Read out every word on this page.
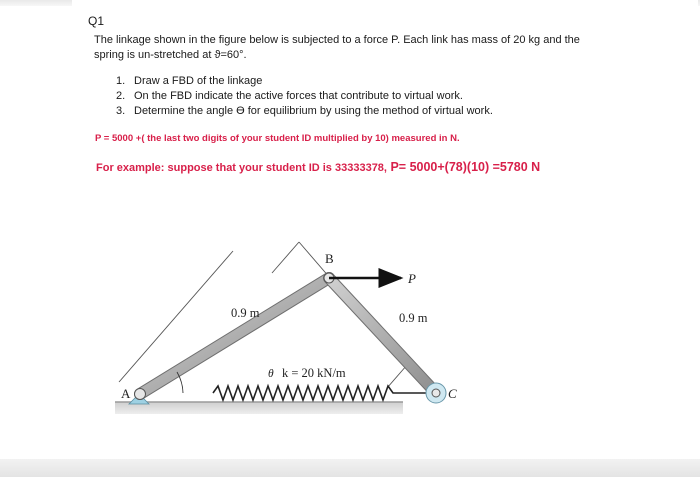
Q1
The linkage shown in the figure below is subjected to a force P. Each link has mass of 20 kg and the
spring is un-stretched at ϑ=60°.
1. Draw a FBD of the linkage
2. On the FBD indicate the active forces that contribute to virtual work.
3. Determine the angle ϴ for equilibrium by using the method of virtual work.
P = 5000 +( the last two digits of your student ID multiplied by 10) measured in N.
For example: suppose that your student ID is 33333378, P= 5000+(78)(10) =5780 N
B
P
A	C
0.9 m	0.9 m
θ k = 20 kN/m
